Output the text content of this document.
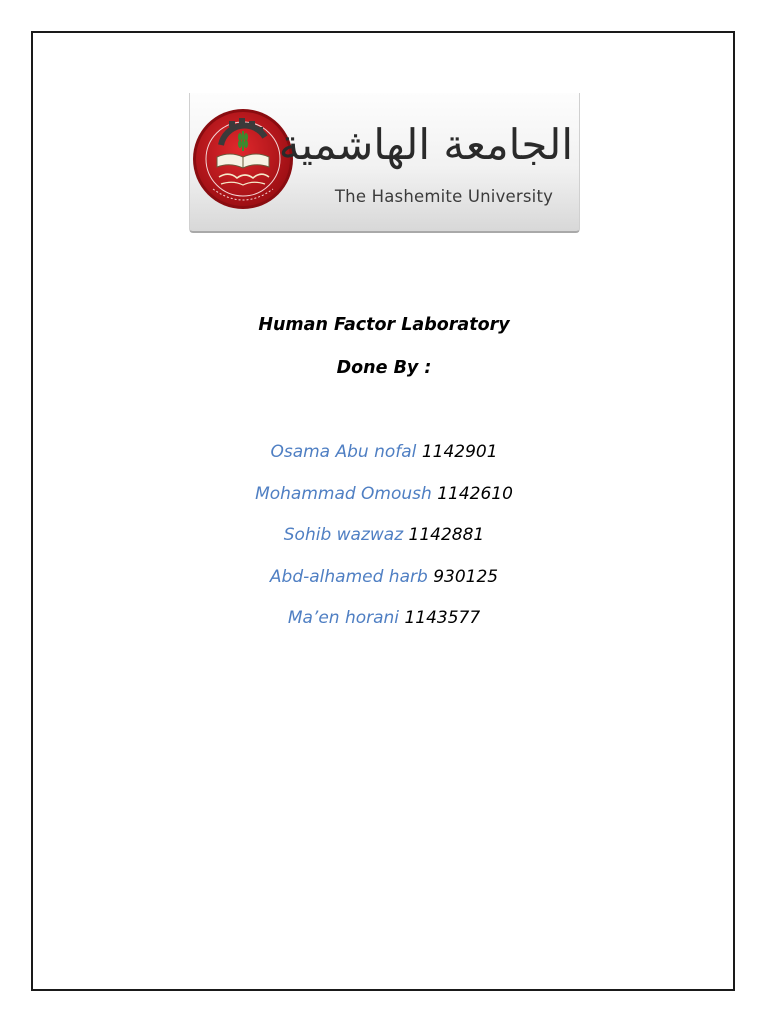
الجامعة الهاشمية
The Hashemite University
Human Factor Laboratory
Done By :
Osama Abu nofal 1142901
Mohammad Omoush 1142610
Sohib wazwaz 1142881
Abd-alhamed harb 930125
Ma’en horani 1143577
